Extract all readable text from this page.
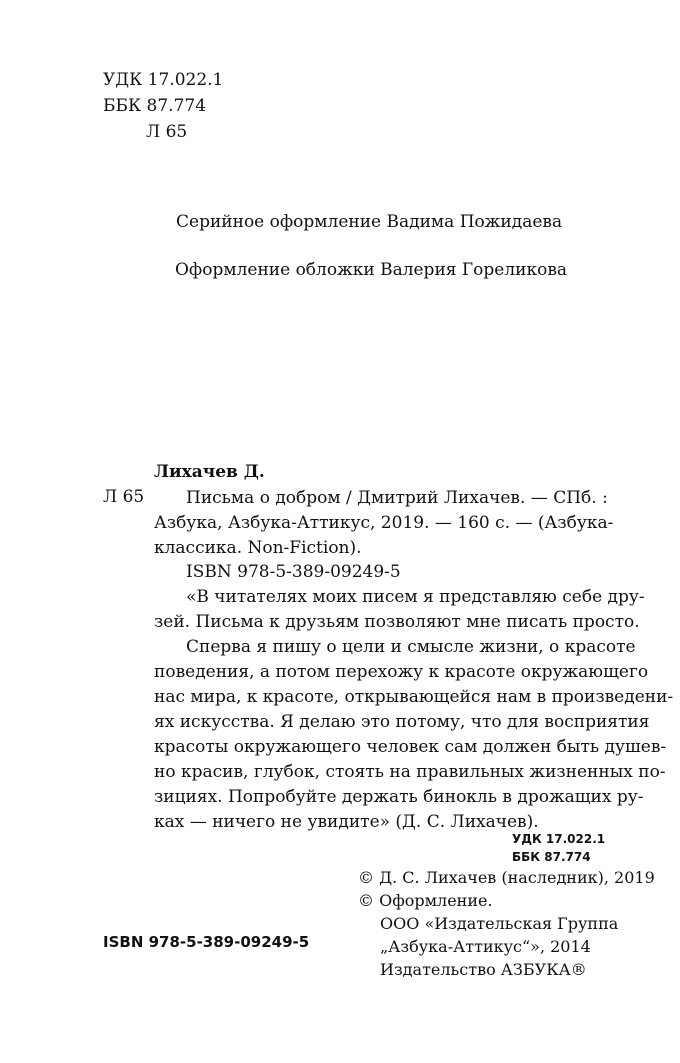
УДК 17.022.1
ББК 87.774
Л 65
Серийное оформление Вадима Пожидаева
Оформление обложки Валерия Гореликова
Лихачев Д.
Л 65 Письма о добром / Дмитрий Лихачев. — СПб. :
Азбука, Азбука-Аттикус, 2019. — 160 с. — (Азбука-
классика. Non-Fiction).
ISBN 978-5-389-09249-5
«В читателях моих писем я представляю себе дру-
зей. Письма к друзьям позволяют мне писать просто.
Сперва я пишу о цели и смысле жизни, о красоте
поведения, а потом перехожу к красоте окружающего
нас мира, к красоте, открывающейся нам в произведени-
ях искусства. Я делаю это потому, что для восприятия
красоты окружающего человек сам должен быть душев-
но красив, глубок, стоять на правильных жизненных по-
зициях. Попробуйте держать бинокль в дрожащих ру-
ках — ничего не увидите» (Д. С. Лихачев).
УДК 17.022.1
ББК 87.774
© Д. С. Лихачев (наследник), 2019
© Оформление.
ООО «Издательская Группа
„Азбука-Аттикус“», 2014
Издательство АЗБУКА®
ISBN 978-5-389-09249-5
